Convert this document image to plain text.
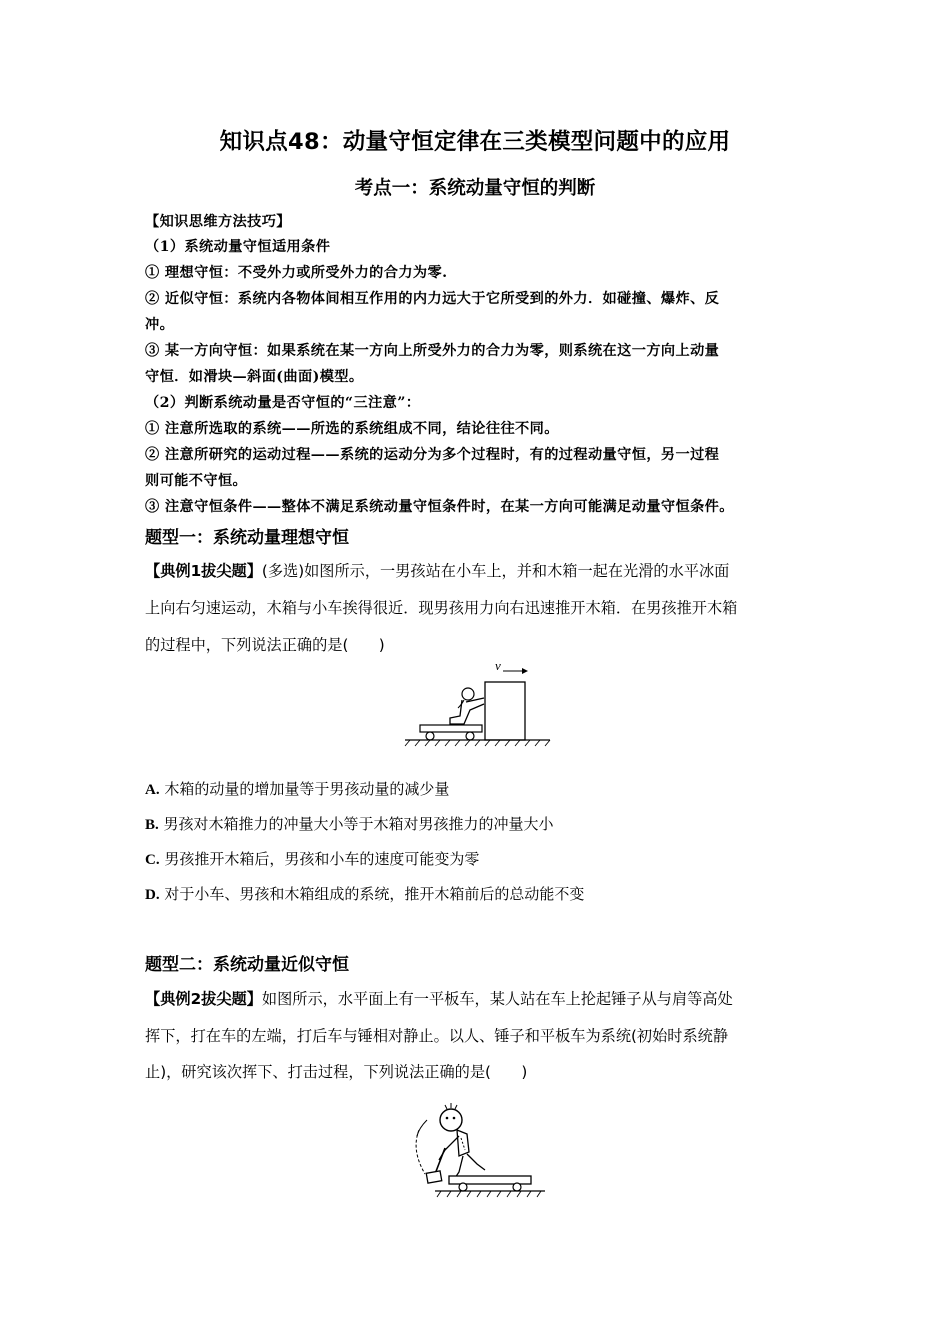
知识点48：动量守恒定律在三类模型问题中的应用
考点一：系统动量守恒的判断
【知识思维方法技巧】
（1）系统动量守恒适用条件
① 理想守恒：不受外力或所受外力的合力为零.
② 近似守恒：系统内各物体间相互作用的内力远大于它所受到的外力．如碰撞、爆炸、反
冲。
③ 某一方向守恒：如果系统在某一方向上所受外力的合力为零，则系统在这一方向上动量
守恒．如滑块—斜面(曲面)模型。
（2）判断系统动量是否守恒的“三注意”：
① 注意所选取的系统——所选的系统组成不同，结论往往不同。
② 注意所研究的运动过程——系统的运动分为多个过程时，有的过程动量守恒，另一过程
则可能不守恒。
③ 注意守恒条件——整体不满足系统动量守恒条件时，在某一方向可能满足动量守恒条件。
题型一：系统动量理想守恒
【典例1拔尖题】(多选)如图所示，一男孩站在小车上，并和木箱一起在光滑的水平冰面
上向右匀速运动，木箱与小车挨得很近．现男孩用力向右迅速推开木箱．在男孩推开木箱
的过程中，下列说法正确的是(　　)
v
A. 木箱的动量的增加量等于男孩动量的减少量
B. 男孩对木箱推力的冲量大小等于木箱对男孩推力的冲量大小
C. 男孩推开木箱后，男孩和小车的速度可能变为零
D. 对于小车、男孩和木箱组成的系统，推开木箱前后的总动能不变
题型二：系统动量近似守恒
【典例2拔尖题】如图所示，水平面上有一平板车，某人站在车上抡起锤子从与肩等高处
挥下，打在车的左端，打后车与锤相对静止。以人、锤子和平板车为系统(初始时系统静
止)，研究该次挥下、打击过程，下列说法正确的是(　　)
